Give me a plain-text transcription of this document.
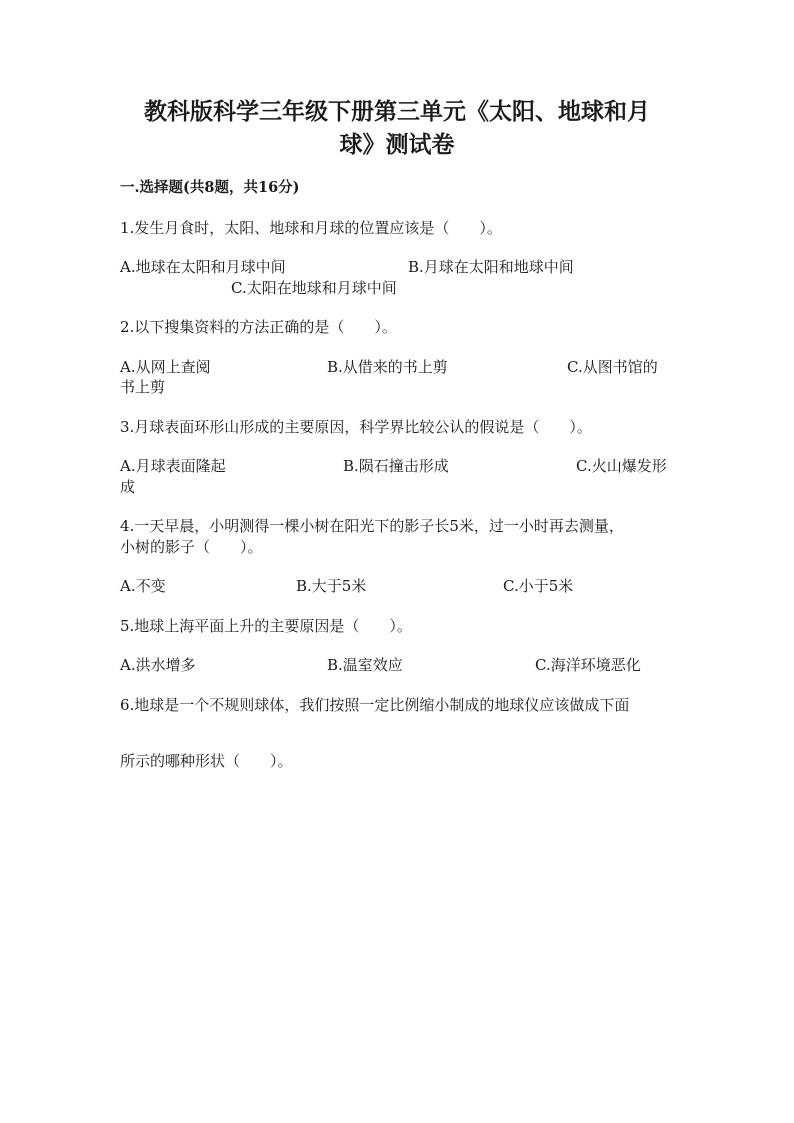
教科版科学三年级下册第三单元《太阳、地球和月
球》测试卷
一.选择题(共8题，共16分)
1.发生月食时，太阳、地球和月球的位置应该是（　　）。
A.地球在太阳和月球中间	B.月球在太阳和地球中间
C.太阳在地球和月球中间
2.以下搜集资料的方法正确的是（　　）。
A.从网上查阅	B.从借来的书上剪	C.从图书馆的
书上剪
3.月球表面环形山形成的主要原因，科学界比较公认的假说是（　　）。
A.月球表面隆起	B.陨石撞击形成	C.火山爆发形
成
4.一天早晨，小明测得一棵小树在阳光下的影子长5米，过一小时再去测量，
小树的影子（　　）。
A.不变	B.大于5米	C.小于5米
5.地球上海平面上升的主要原因是（　　）。
A.洪水增多	B.温室效应	C.海洋环境恶化
6.地球是一个不规则球体，我们按照一定比例缩小制成的地球仪应该做成下面
所示的哪种形状（　　）。
